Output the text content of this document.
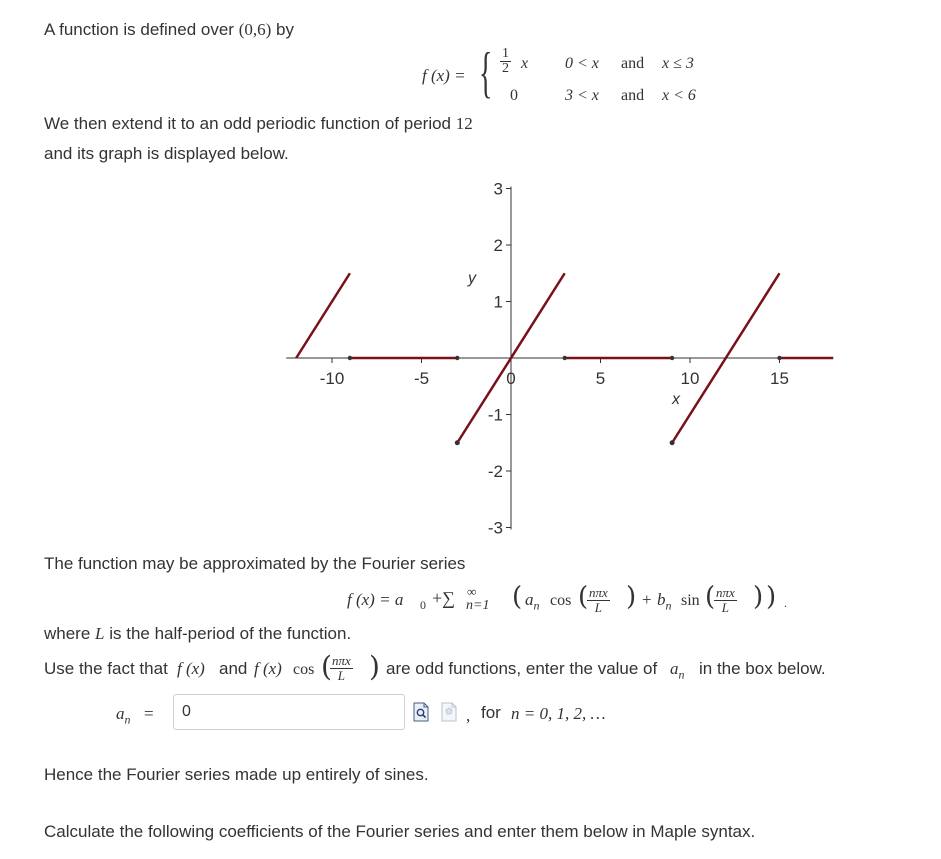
A function is defined over (0,6) by
f (x) = { $\frac{1}{2}$ x
0
0 < x and x ≤ 3
3 < x and x < 6
We then extend it to an odd periodic function of period 12
and its graph is displayed below.
-10	-5	0	5	10	15
-3
-2
-1
1
2
3
y
x
The function may be approximated by the Fourier series
f (x) = a 0 +∑ ∞
n=1 ( $a_n$ cos ( nπx
L ) + $b_n$ sin ( nπx
L ) ) .
where L is the half-period of the function.
Use the fact that f (x) and f (x) cos ( nπx
L ) are odd functions, enter the value of $a_n$ in the box below.
$a_n$ =
0	, for n = 0, 1, 2, …
Hence the Fourier series made up entirely of sines.
Calculate the following coefficients of the Fourier series and enter them below in Maple syntax.
